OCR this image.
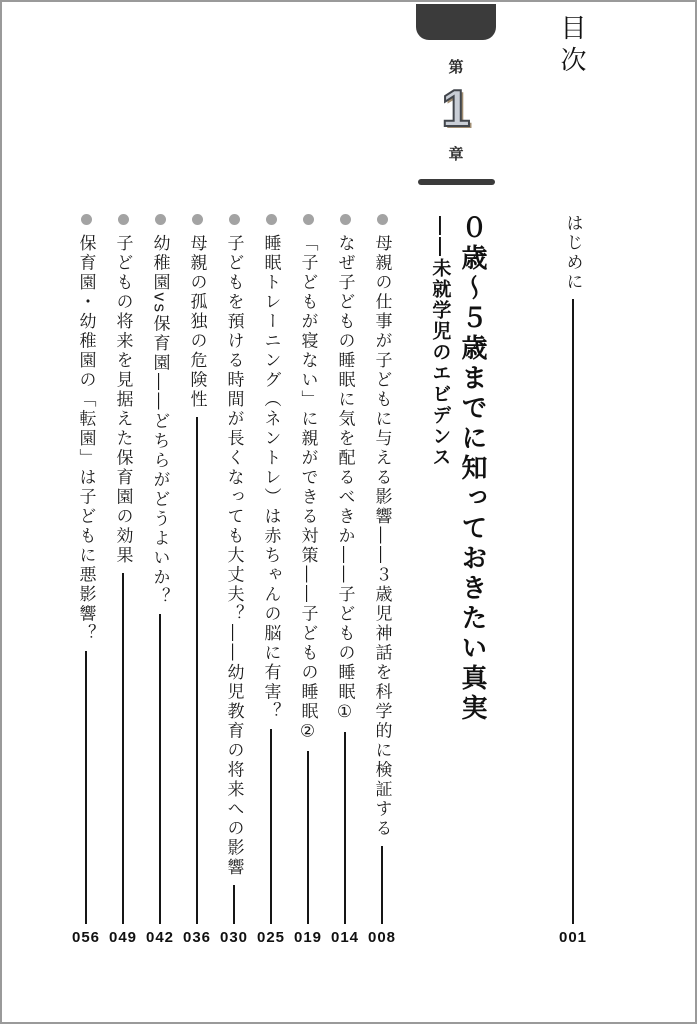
目次
第
1
章
はじめに
001
０歳〜５歳までに知っておきたい真実
——未就学児のエビデンス
母親の仕事が子どもに与える影響——３歳児神話を科学的に検証する
008
なぜ子どもの睡眠に気を配るべきか——子どもの睡眠①
014
「子どもが寝ない」に親ができる対策——子どもの睡眠②
019
睡眠トレーニング（ネントレ）は赤ちゃんの脳に有害？
025
子どもを預ける時間が長くなっても大丈夫？——幼児教育の将来への影響
030
母親の孤独の危険性
036
幼稚園vs保育園——どちらがどうよいか？
042
子どもの将来を見据えた保育園の効果
049
保育園・幼稚園の「転園」は子どもに悪影響？
056
